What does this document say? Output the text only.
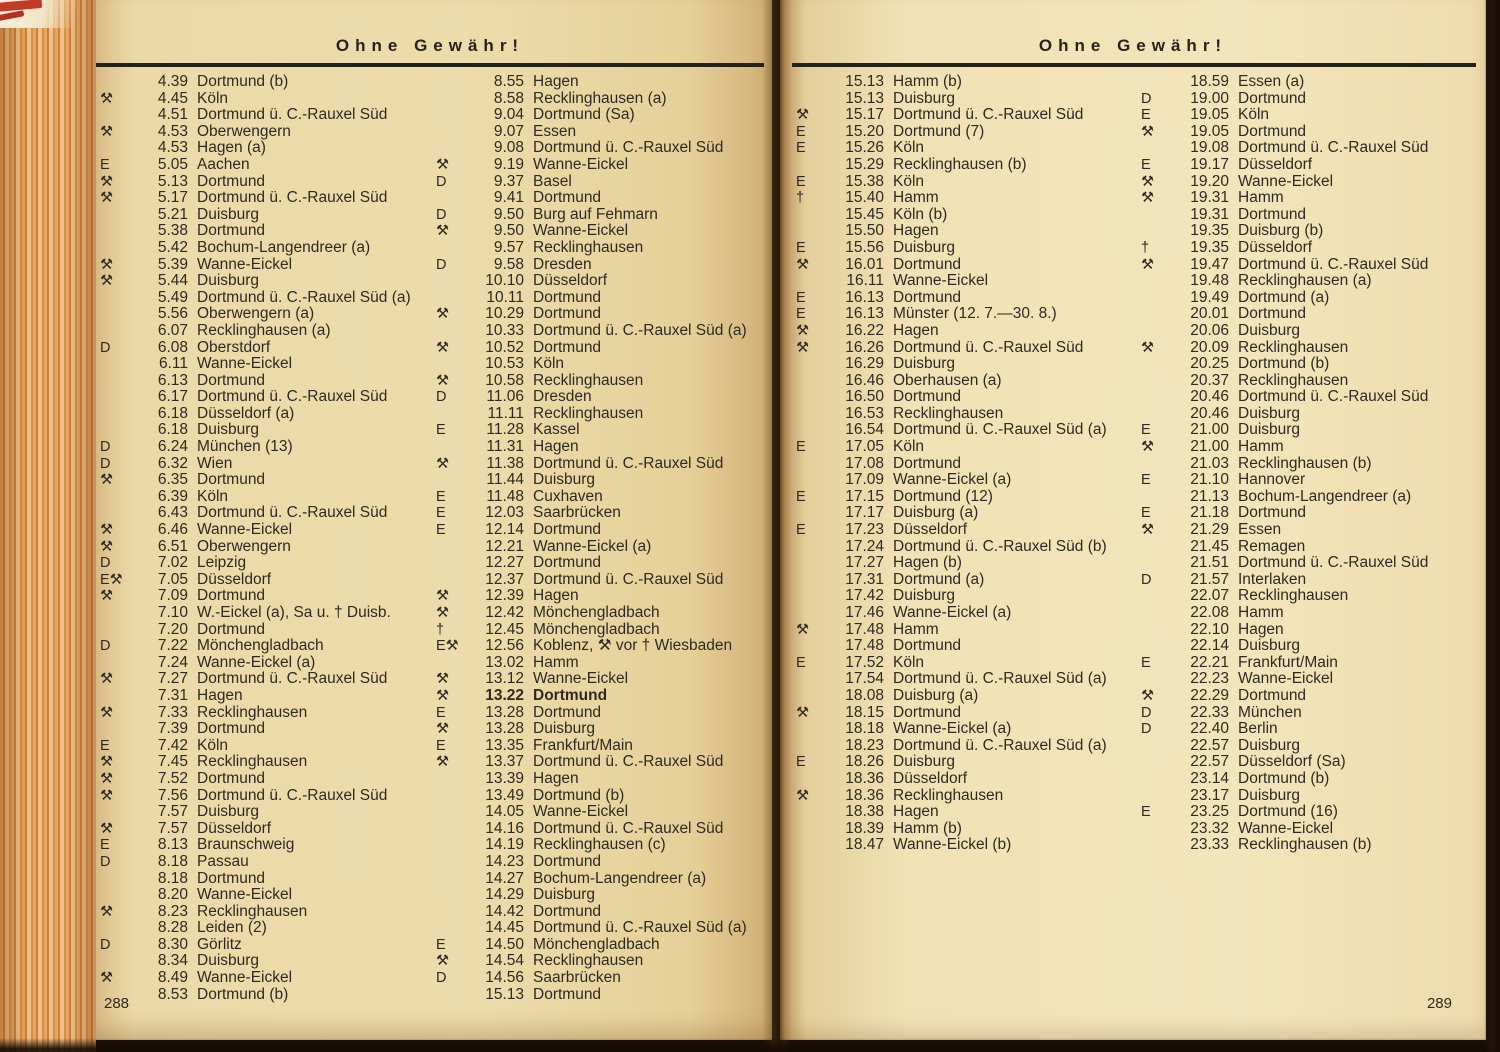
Ohne Gewähr!
4.39 Dortmund (b)
⚒	4.45 Köln
4.51 Dortmund ü. C.-Rauxel Süd
⚒	4.53 Oberwengern
4.53 Hagen (a)
E	5.05 Aachen
⚒	5.13 Dortmund
⚒	5.17 Dortmund ü. C.-Rauxel Süd
5.21 Duisburg
5.38 Dortmund
5.42 Bochum-Langendreer (a)
⚒	5.39 Wanne-Eickel
⚒	5.44 Duisburg
5.49 Dortmund ü. C.-Rauxel Süd (a)
5.56 Oberwengern (a)
6.07 Recklinghausen (a)
D	6.08 Oberstdorf
6.11 Wanne-Eickel
6.13 Dortmund
6.17 Dortmund ü. C.-Rauxel Süd
6.18 Düsseldorf (a)
6.18 Duisburg
D	6.24 München (13)
D	6.32 Wien
⚒	6.35 Dortmund
6.39 Köln
6.43 Dortmund ü. C.-Rauxel Süd
⚒	6.46 Wanne-Eickel
⚒	6.51 Oberwengern
D	7.02 Leipzig
E⚒	7.05 Düsseldorf
⚒	7.09 Dortmund
7.10 W.-Eickel (a), Sa u. † Duisb.
7.20 Dortmund
D	7.22 Mönchengladbach
7.24 Wanne-Eickel (a)
⚒	7.27 Dortmund ü. C.-Rauxel Süd
7.31 Hagen
⚒	7.33 Recklinghausen
7.39 Dortmund
E	7.42 Köln
⚒	7.45 Recklinghausen
⚒	7.52 Dortmund
⚒	7.56 Dortmund ü. C.-Rauxel Süd
7.57 Duisburg
⚒	7.57 Düsseldorf
E	8.13 Braunschweig
D	8.18 Passau
8.18 Dortmund
8.20 Wanne-Eickel
⚒	8.23 Recklinghausen
8.28 Leiden (2)
D	8.30 Görlitz
8.34 Duisburg
⚒	8.49 Wanne-Eickel
8.53 Dortmund (b)
8.55 Hagen
8.58 Recklinghausen (a)
9.04 Dortmund (Sa)
9.07 Essen
9.08 Dortmund ü. C.-Rauxel Süd
⚒	9.19 Wanne-Eickel
D	9.37 Basel
9.41 Dortmund
D	9.50 Burg auf Fehmarn
⚒	9.50 Wanne-Eickel
9.57 Recklinghausen
D	9.58 Dresden
10.10 Düsseldorf
10.11 Dortmund
⚒	10.29 Dortmund
10.33 Dortmund ü. C.-Rauxel Süd (a)
⚒	10.52 Dortmund
10.53 Köln
⚒	10.58 Recklinghausen
D	11.06 Dresden
11.11 Recklinghausen
E	11.28 Kassel
11.31 Hagen
⚒	11.38 Dortmund ü. C.-Rauxel Süd
11.44 Duisburg
E	11.48 Cuxhaven
E	12.03 Saarbrücken
E	12.14 Dortmund
12.21 Wanne-Eickel (a)
12.27 Dortmund
12.37 Dortmund ü. C.-Rauxel Süd
⚒	12.39 Hagen
⚒	12.42 Mönchengladbach
†	12.45 Mönchengladbach
E⚒	12.56 Koblenz, ⚒ vor † Wiesbaden
13.02 Hamm
⚒	13.12 Wanne-Eickel
⚒	13.22 Dortmund
E	13.28 Dortmund
⚒	13.28 Duisburg
E	13.35 Frankfurt/Main
⚒	13.37 Dortmund ü. C.-Rauxel Süd
13.39 Hagen
13.49 Dortmund (b)
14.05 Wanne-Eickel
14.16 Dortmund ü. C.-Rauxel Süd
14.19 Recklinghausen (c)
14.23 Dortmund
14.27 Bochum-Langendreer (a)
14.29 Duisburg
14.42 Dortmund
14.45 Dortmund ü. C.-Rauxel Süd (a)
E	14.50 Mönchengladbach
⚒	14.54 Recklinghausen
D	14.56 Saarbrücken
15.13 Dortmund
288
Ohne Gewähr!
15.13 Hamm (b)
15.13 Duisburg
⚒	15.17 Dortmund ü. C.-Rauxel Süd
E	15.20 Dortmund (7)
E	15.26 Köln
15.29 Recklinghausen (b)
E	15.38 Köln
†	15.40 Hamm
15.45 Köln (b)
15.50 Hagen
E	15.56 Duisburg
⚒	16.01 Dortmund
16.11 Wanne-Eickel
E	16.13 Dortmund
E	16.13 Münster (12. 7.—30. 8.)
⚒	16.22 Hagen
⚒	16.26 Dortmund ü. C.-Rauxel Süd
16.29 Duisburg
16.46 Oberhausen (a)
16.50 Dortmund
16.53 Recklinghausen
16.54 Dortmund ü. C.-Rauxel Süd (a)
E	17.05 Köln
17.08 Dortmund
17.09 Wanne-Eickel (a)
E	17.15 Dortmund (12)
17.17 Duisburg (a)
E	17.23 Düsseldorf
17.24 Dortmund ü. C.-Rauxel Süd (b)
17.27 Hagen (b)
17.31 Dortmund (a)
17.42 Duisburg
17.46 Wanne-Eickel (a)
⚒	17.48 Hamm
17.48 Dortmund
E	17.52 Köln
17.54 Dortmund ü. C.-Rauxel Süd (a)
18.08 Duisburg (a)
⚒	18.15 Dortmund
18.18 Wanne-Eickel (a)
18.23 Dortmund ü. C.-Rauxel Süd (a)
E	18.26 Duisburg
18.36 Düsseldorf
⚒	18.36 Recklinghausen
18.38 Hagen
18.39 Hamm (b)
18.47 Wanne-Eickel (b)
18.59 Essen (a)
D	19.00 Dortmund
E	19.05 Köln
⚒	19.05 Dortmund
19.08 Dortmund ü. C.-Rauxel Süd
E	19.17 Düsseldorf
⚒	19.20 Wanne-Eickel
⚒	19.31 Hamm
19.31 Dortmund
19.35 Duisburg (b)
†	19.35 Düsseldorf
⚒	19.47 Dortmund ü. C.-Rauxel Süd
19.48 Recklinghausen (a)
19.49 Dortmund (a)
20.01 Dortmund
20.06 Duisburg
⚒	20.09 Recklinghausen
20.25 Dortmund (b)
20.37 Recklinghausen
20.46 Dortmund ü. C.-Rauxel Süd
20.46 Duisburg
E	21.00 Duisburg
⚒	21.00 Hamm
21.03 Recklinghausen (b)
E	21.10 Hannover
21.13 Bochum-Langendreer (a)
E	21.18 Dortmund
⚒	21.29 Essen
21.45 Remagen
21.51 Dortmund ü. C.-Rauxel Süd
D	21.57 Interlaken
22.07 Recklinghausen
22.08 Hamm
22.10 Hagen
22.14 Duisburg
E	22.21 Frankfurt/Main
22.23 Wanne-Eickel
⚒	22.29 Dortmund
D	22.33 München
D	22.40 Berlin
22.57 Duisburg
22.57 Düsseldorf (Sa)
23.14 Dortmund (b)
23.17 Duisburg
E	23.25 Dortmund (16)
23.32 Wanne-Eickel
23.33 Recklinghausen (b)
289
